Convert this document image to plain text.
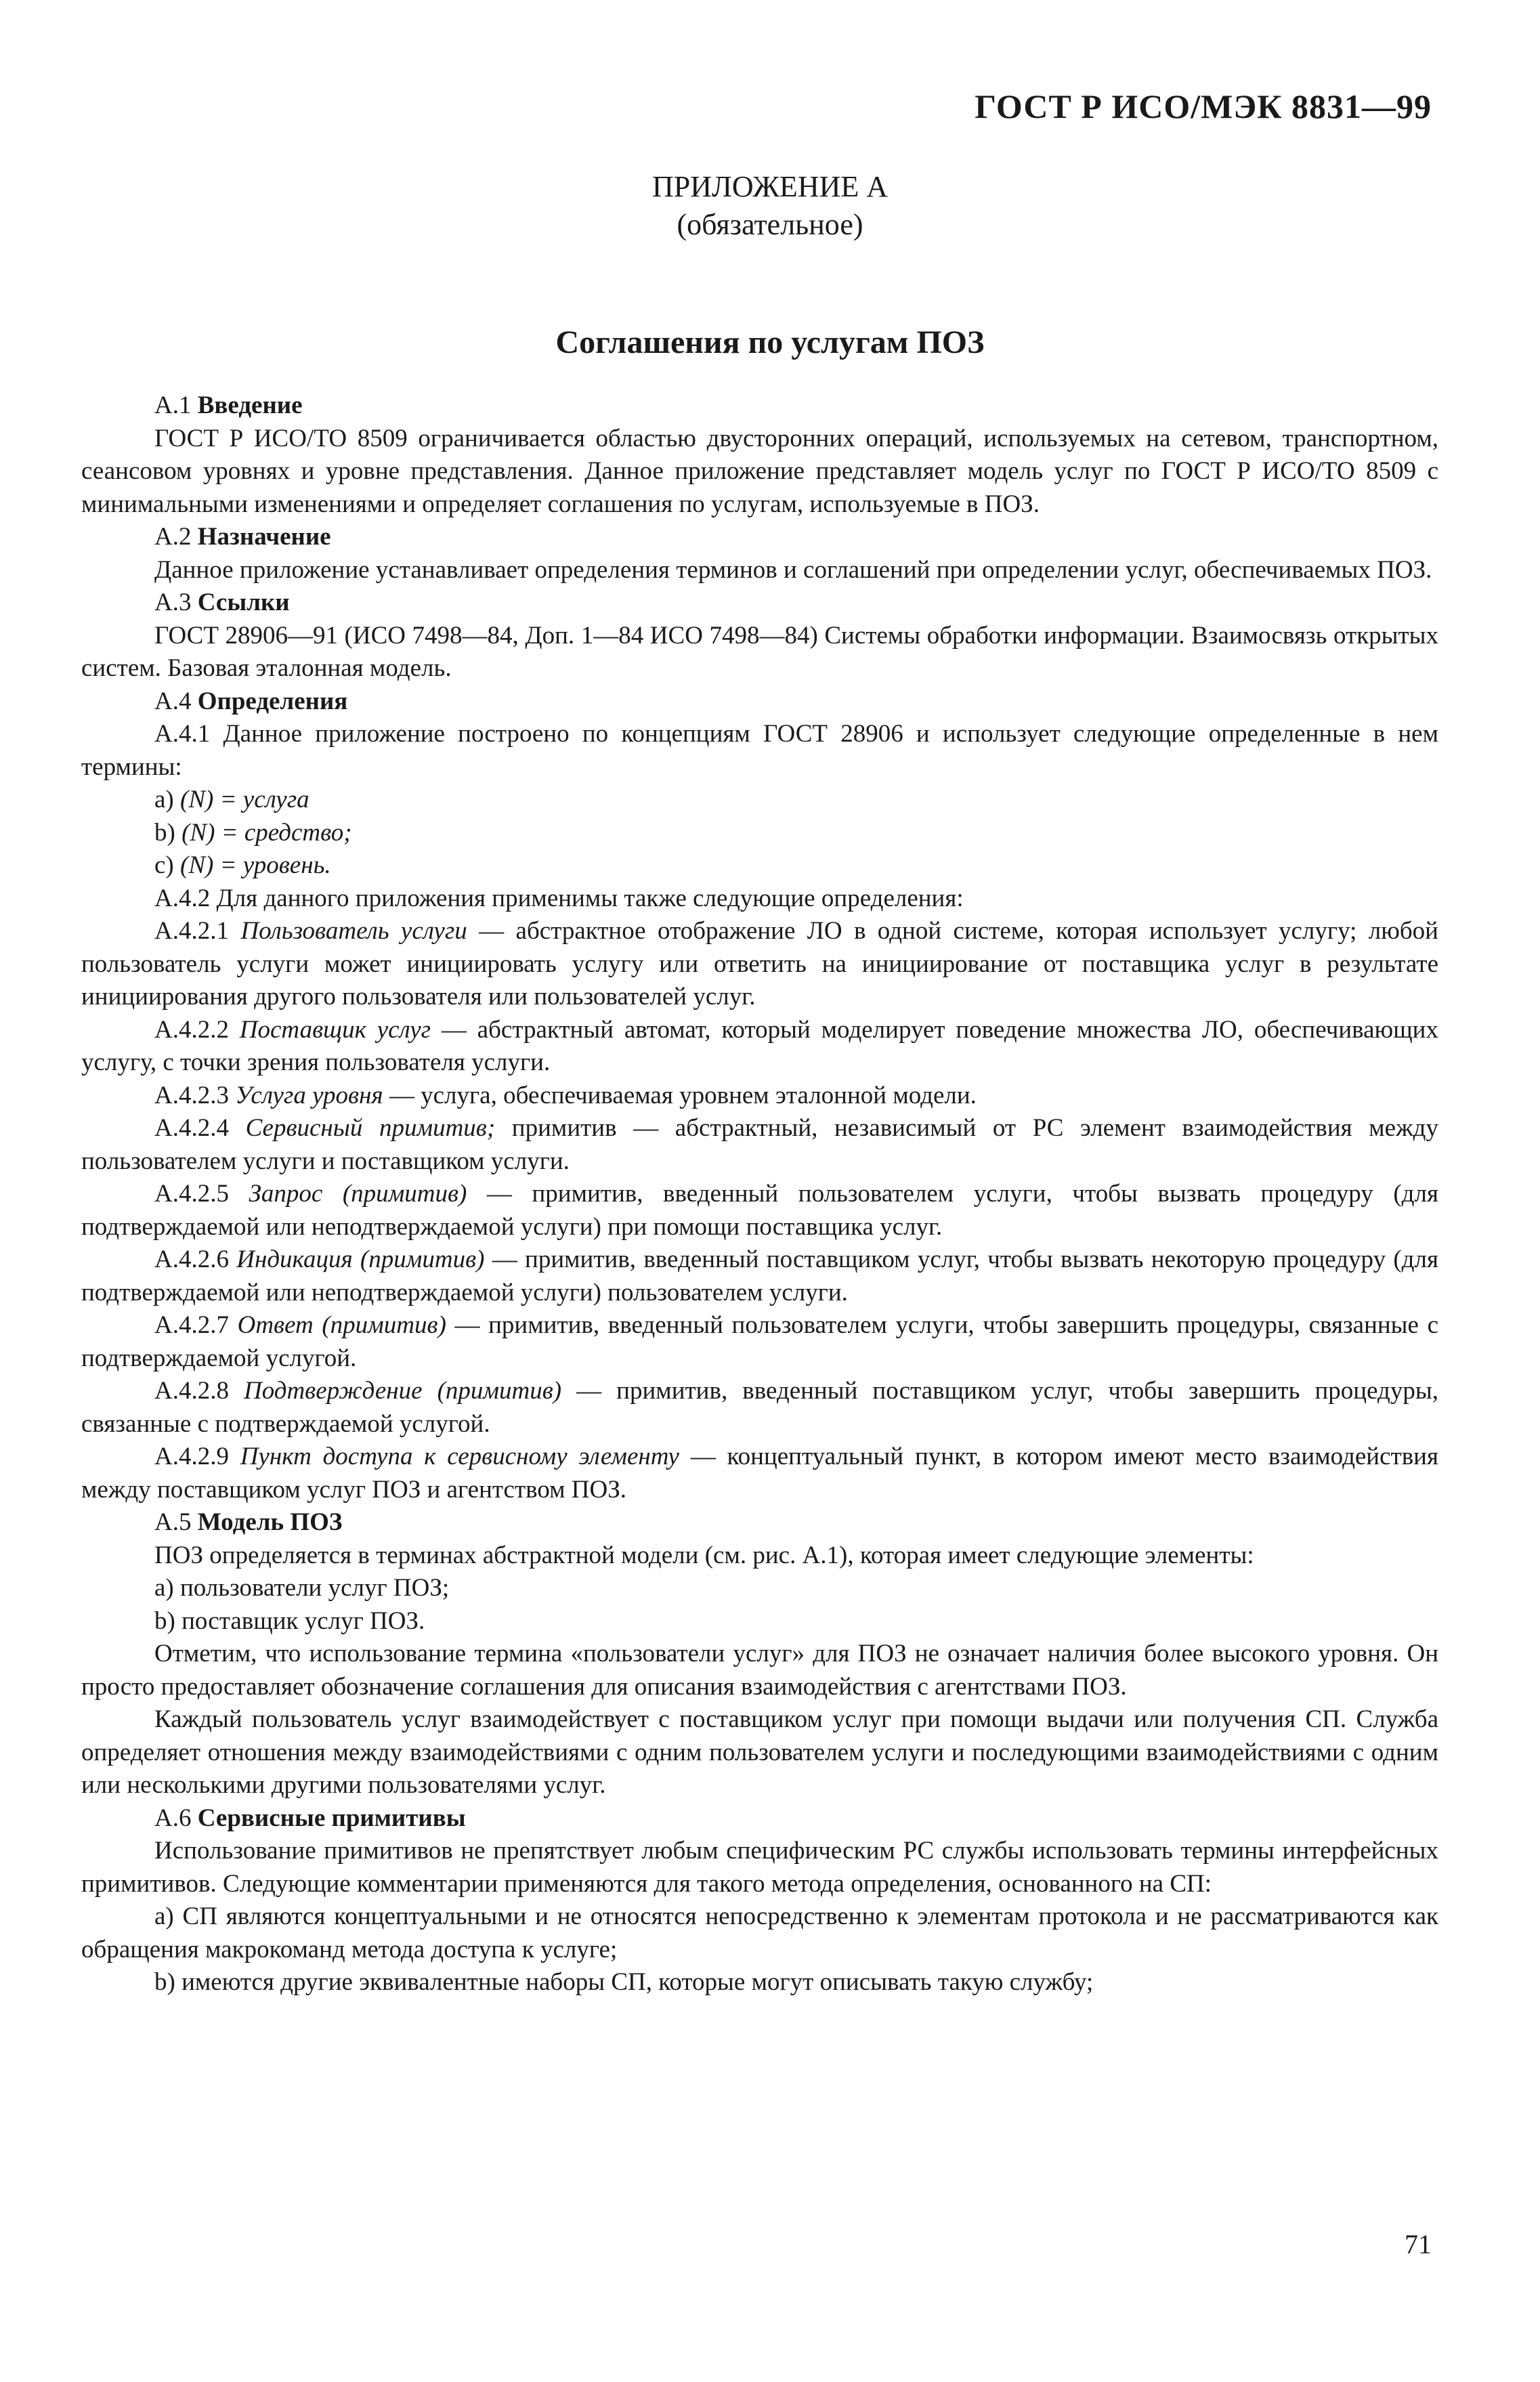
ГОСТ Р ИСО/МЭК 8831—99
ПРИЛОЖЕНИЕ А
(обязательное)
Соглашения по услугам ПОЗ

А.1 Введение

ГОСТ Р ИСО/ТО 8509 ограничивается областью двусторонних операций, используемых на сетевом, транспортном, сеансовом уровнях и уровне представления. Данное приложение представляет модель услуг по ГОСТ Р ИСО/ТО 8509 с минимальными изменениями и определяет соглашения по услугам, используемые в ПОЗ.

А.2 Назначение

Данное приложение устанавливает определения терминов и соглашений при определении услуг, обеспечиваемых ПОЗ.

А.3 Ссылки

ГОСТ 28906—91 (ИСО 7498—84, Доп. 1—84 ИСО 7498—84) Системы обработки информации. Взаимосвязь открытых систем. Базовая эталонная модель.

А.4 Определения

А.4.1 Данное приложение построено по концепциям ГОСТ 28906 и использует следующие определенные в нем термины:

a) (N) = услуга

b) (N) = средство;

c) (N) = уровень.

А.4.2 Для данного приложения применимы также следующие определения:

А.4.2.1 Пользователь услуги — абстрактное отображение ЛО в одной системе, которая использует услугу; любой пользователь услуги может инициировать услугу или ответить на инициирование от поставщика услуг в результате инициирования другого пользователя или пользователей услуг.

А.4.2.2 Поставщик услуг — абстрактный автомат, который моделирует поведение множества ЛО, обеспечивающих услугу, с точки зрения пользователя услуги.

А.4.2.3 Услуга уровня — услуга, обеспечиваемая уровнем эталонной модели.

А.4.2.4 Сервисный примитив; примитив — абстрактный, независимый от РС элемент взаимодействия между пользователем услуги и поставщиком услуги.

А.4.2.5 Запрос (примитив) — примитив, введенный пользователем услуги, чтобы вызвать процедуру (для подтверждаемой или неподтверждаемой услуги) при помощи поставщика услуг.

А.4.2.6 Индикация (примитив) — примитив, введенный поставщиком услуг, чтобы вызвать некоторую процедуру (для подтверждаемой или неподтверждаемой услуги) пользователем услуги.

А.4.2.7 Ответ (примитив) — примитив, введенный пользователем услуги, чтобы завершить процедуры, связанные с подтверждаемой услугой.

А.4.2.8 Подтверждение (примитив) — примитив, введенный поставщиком услуг, чтобы завершить процедуры, связанные с подтверждаемой услугой.

А.4.2.9 Пункт доступа к сервисному элементу — концептуальный пункт, в котором имеют место взаимодействия между поставщиком услуг ПОЗ и агентством ПОЗ.

А.5 Модель ПОЗ

ПОЗ определяется в терминах абстрактной модели (см. рис. А.1), которая имеет следующие элементы:

a) пользователи услуг ПОЗ;

b) поставщик услуг ПОЗ.

Отметим, что использование термина «пользователи услуг» для ПОЗ не означает наличия более высокого уровня. Он просто предоставляет обозначение соглашения для описания взаимодействия с агентствами ПОЗ.

Каждый пользователь услуг взаимодействует с поставщиком услуг при помощи выдачи или получения СП. Служба определяет отношения между взаимодействиями с одним пользователем услуги и последующими взаимодействиями с одним или несколькими другими пользователями услуг.

А.6 Сервисные примитивы

Использование примитивов не препятствует любым специфическим РС службы использовать термины интерфейсных примитивов. Следующие комментарии применяются для такого метода определения, основанного на СП:

a) СП являются концептуальными и не относятся непосредственно к элементам протокола и не рассматриваются как обращения макрокоманд метода доступа к услуге;

b) имеются другие эквивалентные наборы СП, которые могут описывать такую службу;

71
